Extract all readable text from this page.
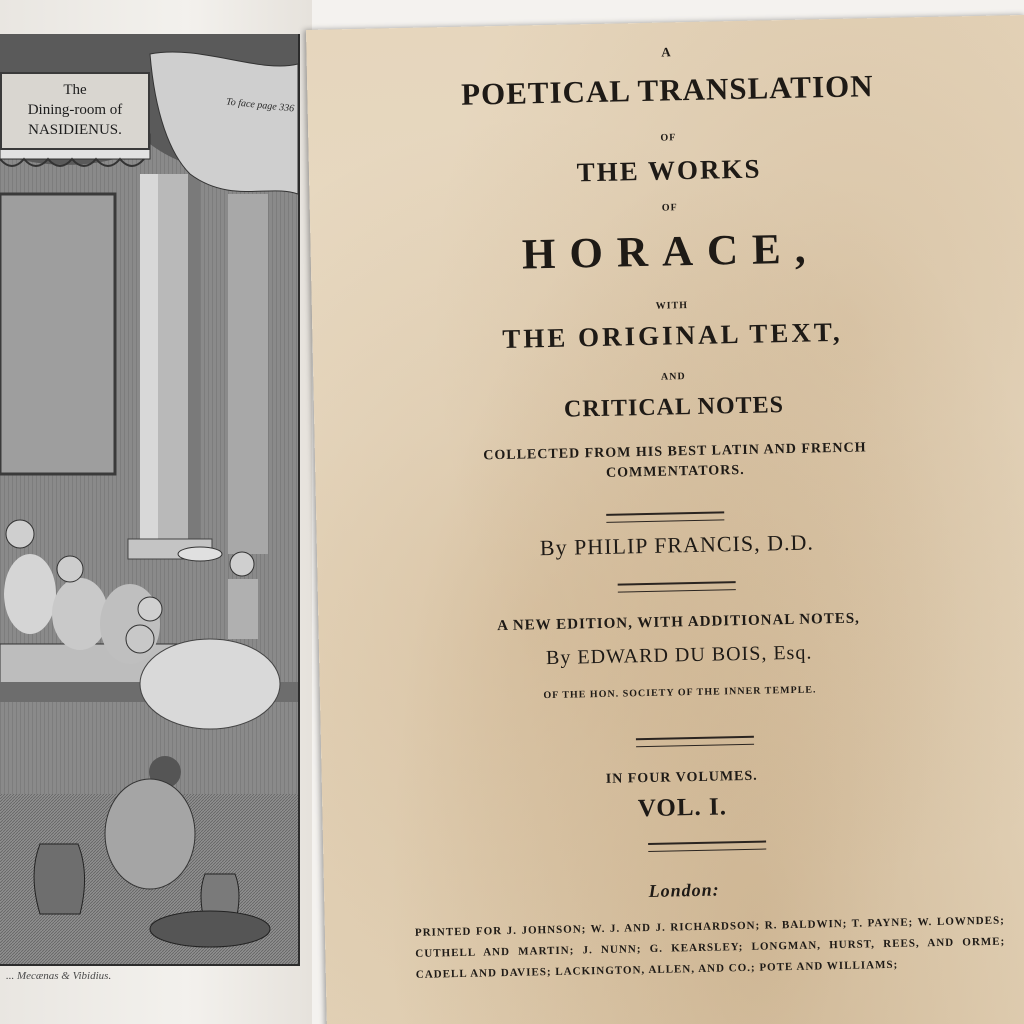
The
Dining-room of
NASIDIENUS.
To face page 336
... Mecænas & Vibidius.
A
POETICAL TRANSLATION
OF
THE WORKS
OF
HORACE,
WITH
THE ORIGINAL TEXT,
AND
CRITICAL NOTES
COLLECTED FROM HIS BEST LATIN AND FRENCH
COMMENTATORS.
By PHILIP FRANCIS, D.D.
A NEW EDITION, WITH ADDITIONAL NOTES,
By EDWARD DU BOIS, Esq.
OF THE HON. SOCIETY OF THE INNER TEMPLE.
IN FOUR VOLUMES.
VOL. I.
London:
PRINTED FOR J. JOHNSON; W. J. AND J. RICHARDSON; R. BALDWIN; T. PAYNE; W. LOWNDES; CUTHELL AND MARTIN; J. NUNN; G. KEARSLEY; LONGMAN, HURST, REES, AND ORME; CADELL AND DAVIES; LACKINGTON, ALLEN, AND CO.; POTE AND WILLIAMS;
